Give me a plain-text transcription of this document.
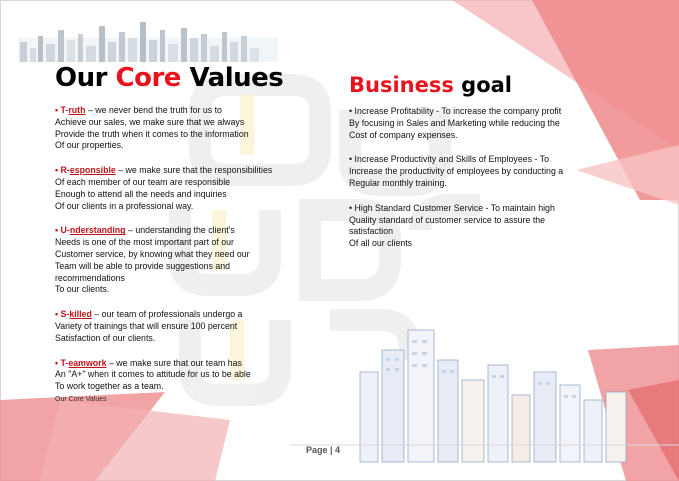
Our Core Values	Business goal
• T-ruth – we never bend the truth for us to
Achieve our sales, we make sure that we always
Provide the truth when it comes to the information
Of our properties.
• R-esponsible – we make sure that the responsibilities
Of each member of our team are responsible
Enough to attend all the needs and inquiries
Of our clients in a professional way.
• U-nderstanding – understanding the client's
Needs is one of the most important part of our
Customer service, by knowing what they need our
Team will be able to provide suggestions and
recommendations
To our clients.
• S-killed – our team of professionals undergo a
Variety of trainings that will ensure 100 percent
Satisfaction of our clients.
• T-eamwork – we make sure that our team has
An "A+" when it comes to attitude for us to be able
To work together as a team.
Our Core Values
• Increase Profitability - To increase the company profit
By focusing in Sales and Marketing while reducing the
Cost of company expenses.
• Increase Productivity and Skills of Employees - To
Increase the productivity of employees by conducting a
Regular monthly training.
• High Standard Customer Service - To maintain high
Quality standard of customer service to assure the
satisfaction
Of all our clients
Page | 4
